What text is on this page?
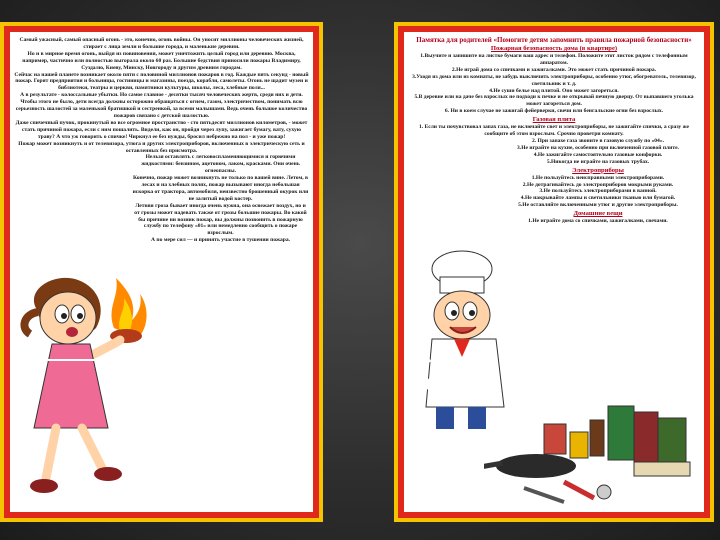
Самый ужасный, самый опасный огонь - это, конечно, огонь войны. Он уносит миллионы человеческих жизней, стирает с лица земли и большие города, и маленькие деревни.

Но и в мирное время огонь, выйдя из повиновения, может уничтожить целый город или деревню. Москва, например, частично или полностью выгорала около 60 раз. Большие бедствия приносили пожары Владимиру, Суздалю, Киеву, Минску, Новгороду и другим древним городам.

Сейчас на нашей планете возникает около пяти с половиной миллионов пожаров в год. Каждые пять секунд - новый пожар. Горят предприятия и больницы, гостиницы и магазины, поезда, корабли, самолеты. Огонь не щадит музеи и библиотеки, театры и церкви, памятники культуры, школы, леса, хлебные поля...

А в результате - колоссальные убытки. Но самое главное - десятки тысяч человеческих жертв, среди них и дети.

Чтобы этого не было, дети всегда должны осторожно обращаться с огнем, газом, электричеством, понимать всю серьезность шалостей за маленькой братишкой и сестренкой, за всеми малышами. Ведь очень большое количество пожаров связано с детской шалостью.

Даже спичечный пучок, прокинутый во все огромное пространство - сто пятьдесят миллионов километров, - может стать причиной пожара, если с ним пошалить. Видели, как он, пройдя через лупу, зажигает бумагу, вату, сухую траву? А что уж говорить о спичке! Чиркнул ее без нужды, бросил небрежно на пол - и уже пожар!

Пожар может возникнуть и от телевизора, утюга и других электроприборов, включенных в электрическую сеть и оставленных без присмотра.

Нельзя оставлять с легковоспламеняющимися и горючими жидкостями: бензином, ацетоном, лаком, красками. Они очень огнеопасны.

Конечно, пожар может возникнуть не только по вашей вине. Летом, в лесах и на хлебных полях, пожар вызывают иногда небольшая искорка от трактора, автомобиля, неизвестно брошенный окурок или не залитый водой костер.

Летняя гроза бывает иногда очень нужна, она освежает воздух, но и от грозы может надевать также от грозы большие пожары. Во какой бы причине ни возник пожар, вы должны позвонить в пожарную службу по телефону «01» или немедленно сообщить о пожаре взрослым.

А по мере сил — и принять участие в тушении пожара.

Памятка для родителей «Помогите детям запомнить правила пожарной безопасности»

Пожарная безопасность дома (в квартире)

1.Выучите и запишите на листке бумаги ваш адрес и телефон. Положите этот листок рядом с телефонным аппаратом.

2.Не играй дома со спичками и зажигалками. Это может стать причиной пожара.

3.Уходя из дома или из комнаты, не забудь выключить электроприборы, особенно утюг, обогреватель, телевизор, светильник и т. д.

4.Не суши белье над плитой. Оно может загореться.

5.В деревне или на даче без взрослых не подходи к печке и не открывай печную дверцу. От выпавшего уголька может загореться дом.

6. Ни в коем случае не зажигай фейерверки, свечи или бенгальские огни без взрослых.

Газовая плита

1. Если ты почувствовал запах газа, не включайте свет и электроприборы, не зажигайте спички, а сразу же сообщите об этом взрослым. Срочно проветри комнату.

2. При запахе газа звоните в газовую службу по «04».

3.Не играйте на кухне, особенно при включенной газовой плите.

4.Не зажигайте самостоятельно газовые конфорки.

5.Никогда не играйте на газовых трубах.

Электроприборы

1.Не пользуйтесь неисправными электроприборами.

2.Не дотрагивайтесь до электроприборов мокрыми руками.

3.Не пользуйтесь электроприборами в ванной.

4.Не накрывайте лампы и светильники тканью или бумагой.

5.Не оставляйте включенными утюг и другие электроприборы.

Домашние вещи

1.Не играйте дома со спичками, зажигалками, свечами.
